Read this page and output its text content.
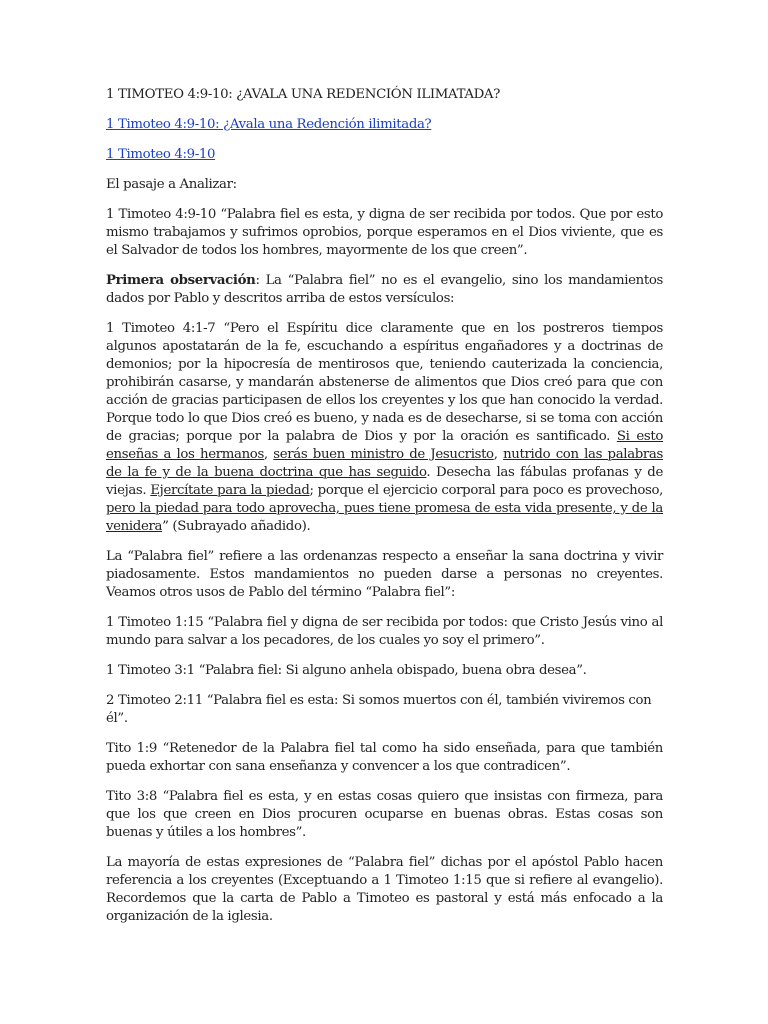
1 TIMOTEO 4:9-10: ¿AVALA UNA REDENCIÓN ILIMATADA?

1 Timoteo 4:9-10: ¿Avala una Redención ilimitada?

1 Timoteo 4:9-10

El pasaje a Analizar:

1 Timoteo 4:9-10 “Palabra fiel es esta, y digna de ser recibida por todos. Que por esto mismo trabajamos y sufrimos oprobios, porque esperamos en el Dios viviente, que es el Salvador de todos los hombres, mayormente de los que creen”.

Primera observación: La “Palabra fiel” no es el evangelio, sino los mandamientos dados por Pablo y descritos arriba de estos versículos:

1 Timoteo 4:1-7 “Pero el Espíritu dice claramente que en los postreros tiempos algunos apostatarán de la fe, escuchando a espíritus engañadores y a doctrinas de demonios; por la hipocresía de mentirosos que, teniendo cauterizada la conciencia, prohibirán casarse, y mandarán abstenerse de alimentos que Dios creó para que con acción de gracias participasen de ellos los creyentes y los que han conocido la verdad. Porque todo lo que Dios creó es bueno, y nada es de desecharse, si se toma con acción de gracias; porque por la palabra de Dios y por la oración es santificado. Si esto enseñas a los hermanos, serás buen ministro de Jesucristo, nutrido con las palabras de la fe y de la buena doctrina que has seguido. Desecha las fábulas profanas y de viejas. Ejercítate para la piedad; porque el ejercicio corporal para poco es provechoso, pero la piedad para todo aprovecha, pues tiene promesa de esta vida presente, y de la venidera” (Subrayado añadido).

La “Palabra fiel” refiere a las ordenanzas respecto a enseñar la sana doctrina y vivir piadosamente. Estos mandamientos no pueden darse a personas no creyentes. Veamos otros usos de Pablo del término “Palabra fiel”:

1 Timoteo 1:15 “Palabra fiel y digna de ser recibida por todos: que Cristo Jesús vino al mundo para salvar a los pecadores, de los cuales yo soy el primero”.

1 Timoteo 3:1 “Palabra fiel: Si alguno anhela obispado, buena obra desea”.

2 Timoteo 2:11 “Palabra fiel es esta: Si somos muertos con él, también viviremos con él”.

Tito 1:9 “Retenedor de la Palabra fiel tal como ha sido enseñada, para que también pueda exhortar con sana enseñanza y convencer a los que contradicen”.

Tito 3:8 “Palabra fiel es esta, y en estas cosas quiero que insistas con firmeza, para que los que creen en Dios procuren ocuparse en buenas obras. Estas cosas son buenas y útiles a los hombres”.

La mayoría de estas expresiones de “Palabra fiel” dichas por el apóstol Pablo hacen referencia a los creyentes (Exceptuando a 1 Timoteo 1:15 que si refiere al evangelio). Recordemos que la carta de Pablo a Timoteo es pastoral y está más enfocado a la organización de la iglesia.
